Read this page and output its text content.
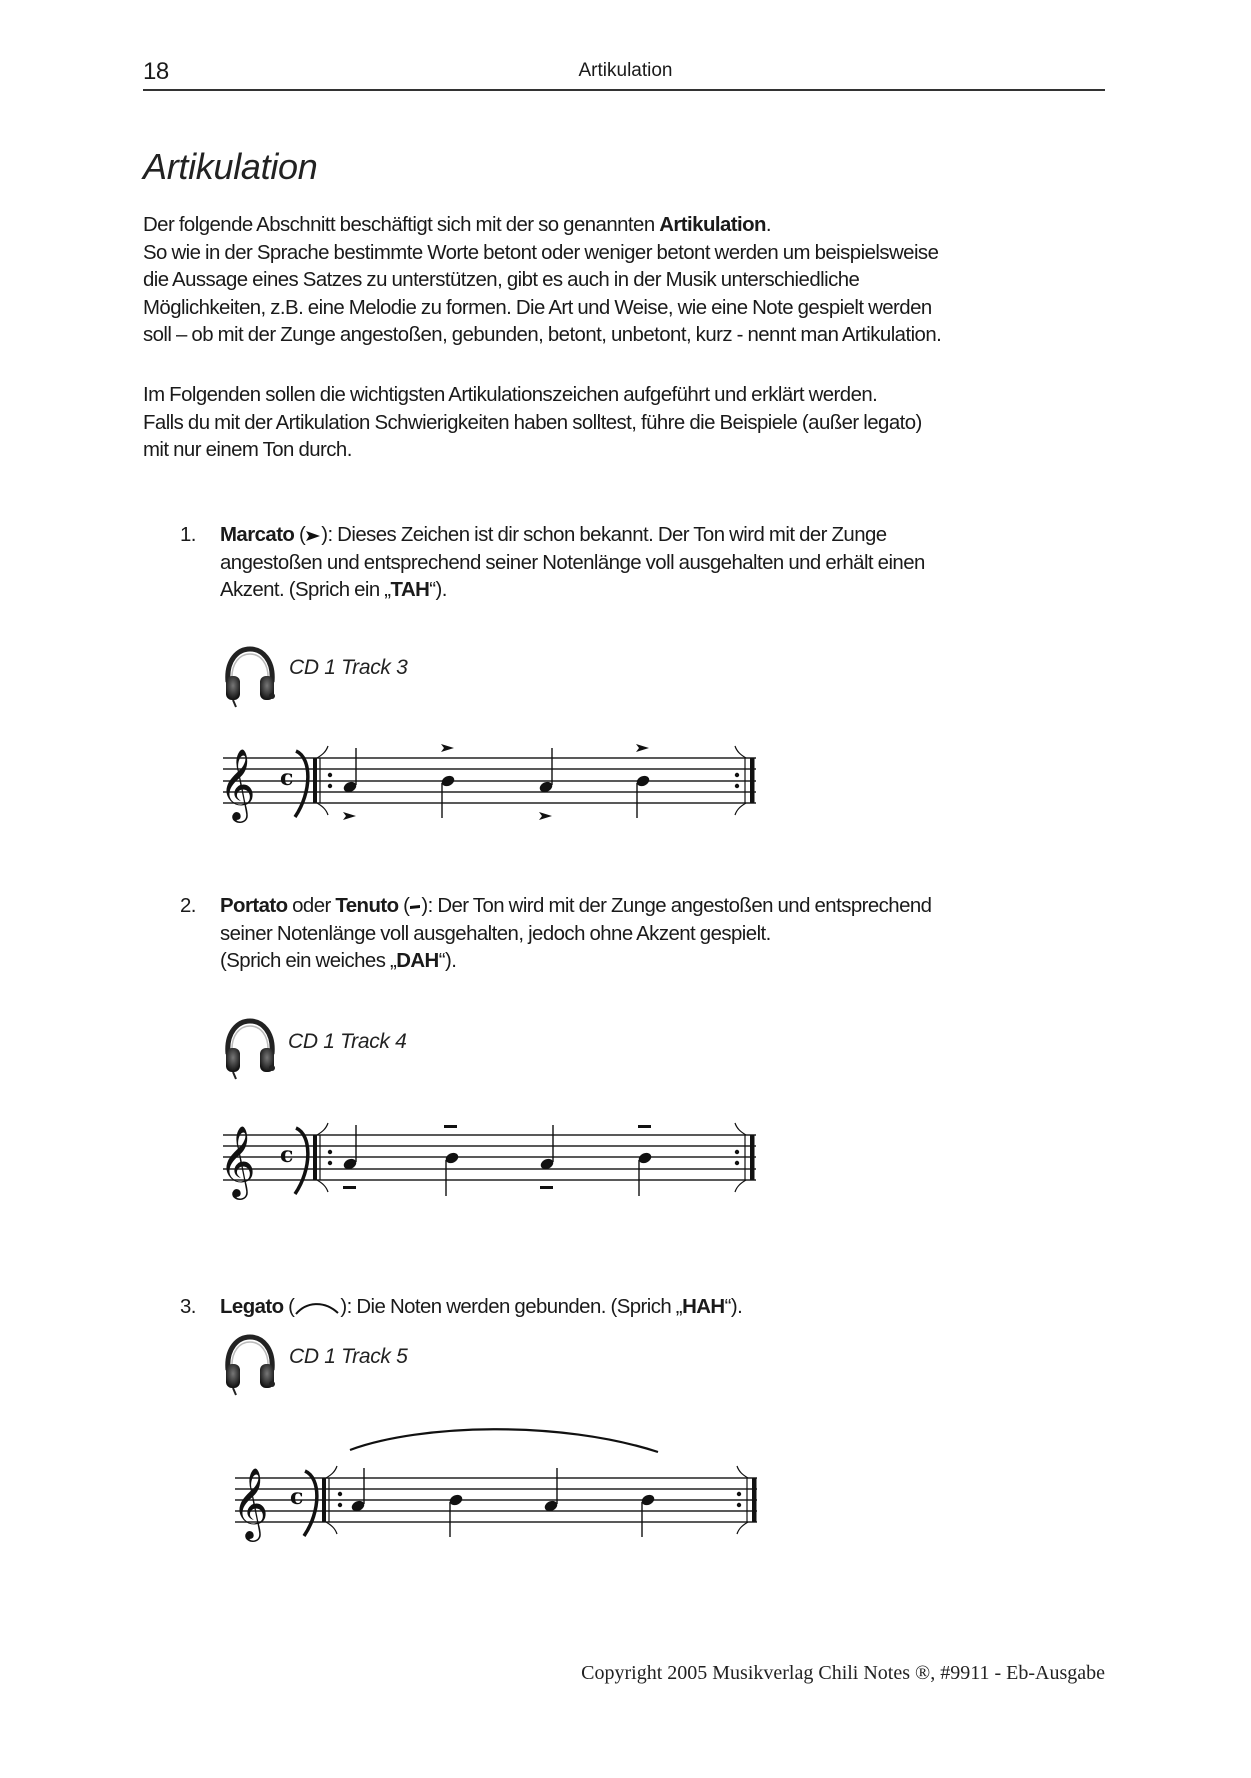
18	Artikulation
Artikulation
Der folgende Abschnitt beschäftigt sich mit der so genannten Artikulation.
So wie in der Sprache bestimmte Worte betont oder weniger betont werden um beispielsweise
die Aussage eines Satzes zu unterstützen, gibt es auch in der Musik unterschiedliche
Möglichkeiten, z.B. eine Melodie zu formen. Die Art und Weise, wie eine Note gespielt werden
soll – ob mit der Zunge angestoßen, gebunden, betont, unbetont, kurz - nennt man Artikulation.
Im Folgenden sollen die wichtigsten Artikulationszeichen aufgeführt und erklärt werden.
Falls du mit der Artikulation Schwierigkeiten haben solltest, führe die Beispiele (außer legato)
mit nur einem Ton durch.
1. Marcato ( ): Dieses Zeichen ist dir schon bekannt. Der Ton wird mit der Zunge
angestoßen und entsprechend seiner Notenlänge voll ausgehalten und erhält einen
Akzent. (Sprich ein „TAH“).
CD 1 Track 3
𝄞 c
2. Portato oder Tenuto ( ): Der Ton wird mit der Zunge angestoßen und entsprechend
seiner Notenlänge voll ausgehalten, jedoch ohne Akzent gespielt.
(Sprich ein weiches „DAH“).
CD 1 Track 4
𝄞 c
3. Legato ( ): Die Noten werden gebunden. (Sprich „HAH“).
CD 1 Track 5
𝄞 c
Copyright 2005 Musikverlag Chili Notes ®, #9911 - Eb-Ausgabe
